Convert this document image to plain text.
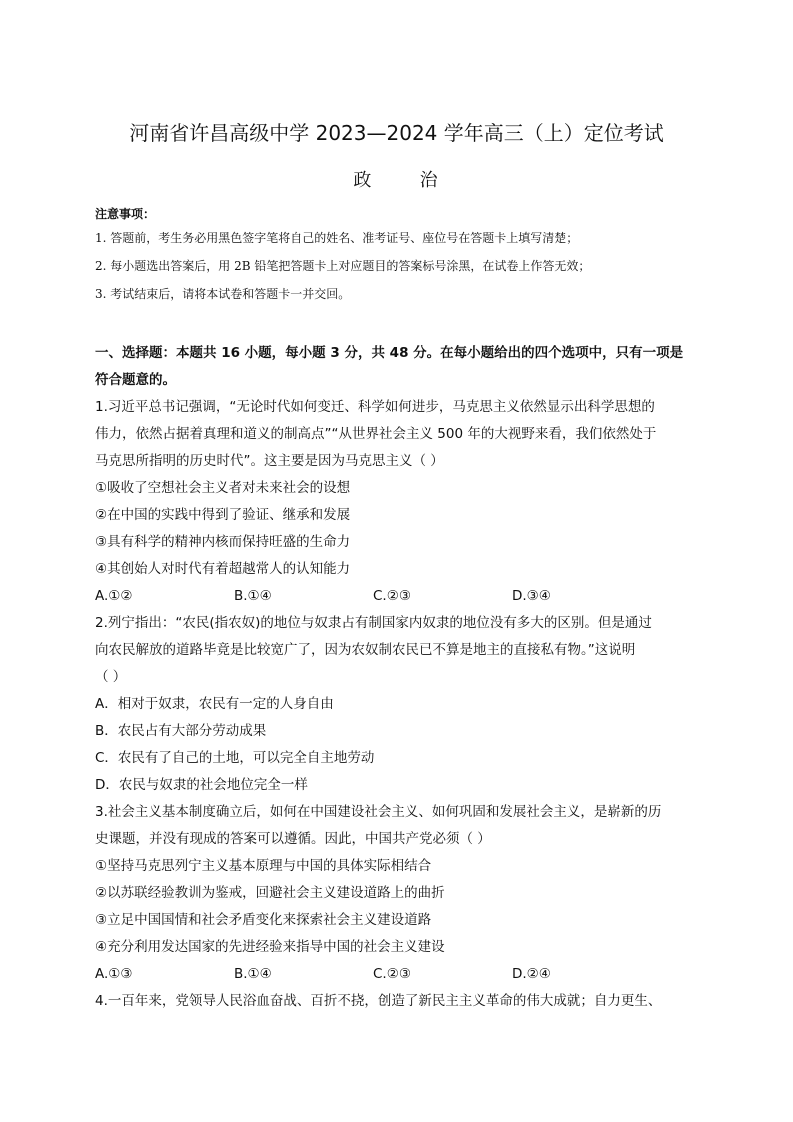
河南省许昌高级中学 2023—2024 学年高三（上）定位考试
政      治
注意事项：
1. 答题前，考生务必用黑色签字笔将自己的姓名、准考证号、座位号在答题卡上填写清楚；
2. 每小题选出答案后，用 2B 铅笔把答题卡上对应题目的答案标号涂黑，在试卷上作答无效；
3. 考试结束后，请将本试卷和答题卡一并交回。
一、选择题：本题共 16 小题，每小题 3 分，共 48 分。在每小题给出的四个选项中，只有一项是
符合题意的。
1.习近平总书记强调，“无论时代如何变迁、科学如何进步，马克思主义依然显示出科学思想的
伟力，依然占据着真理和道义的制高点”“从世界社会主义 500 年的大视野来看，我们依然处于
马克思所指明的历史时代”。这主要是因为马克思主义（ ）
①吸收了空想社会主义者对未来社会的设想
②在中国的实践中得到了验证、继承和发展
③具有科学的精神内核而保持旺盛的生命力
④其创始人对时代有着超越常人的认知能力
A.①②	B.①④	C.②③	D.③④
2.列宁指出：“农民(指农奴)的地位与奴隶占有制国家内奴隶的地位没有多大的区别。但是通过
向农民解放的道路毕竟是比较宽广了，因为农奴制农民已不算是地主的直接私有物。”这说明
（ ）
A．相对于奴隶，农民有一定的人身自由
B．农民占有大部分劳动成果
C．农民有了自己的土地，可以完全自主地劳动
D．农民与奴隶的社会地位完全一样
3.社会主义基本制度确立后，如何在中国建设社会主义、如何巩固和发展社会主义，是崭新的历
史课题，并没有现成的答案可以遵循。因此，中国共产党必须（ ）
①坚持马克思列宁主义基本原理与中国的具体实际相结合
②以苏联经验教训为鉴戒，回避社会主义建设道路上的曲折
③立足中国国情和社会矛盾变化来探索社会主义建设道路
④充分利用发达国家的先进经验来指导中国的社会主义建设
A.①③	B.①④	C.②③	D.②④
4.一百年来，党领导人民浴血奋战、百折不挠，创造了新民主主义革命的伟大成就；自力更生、
